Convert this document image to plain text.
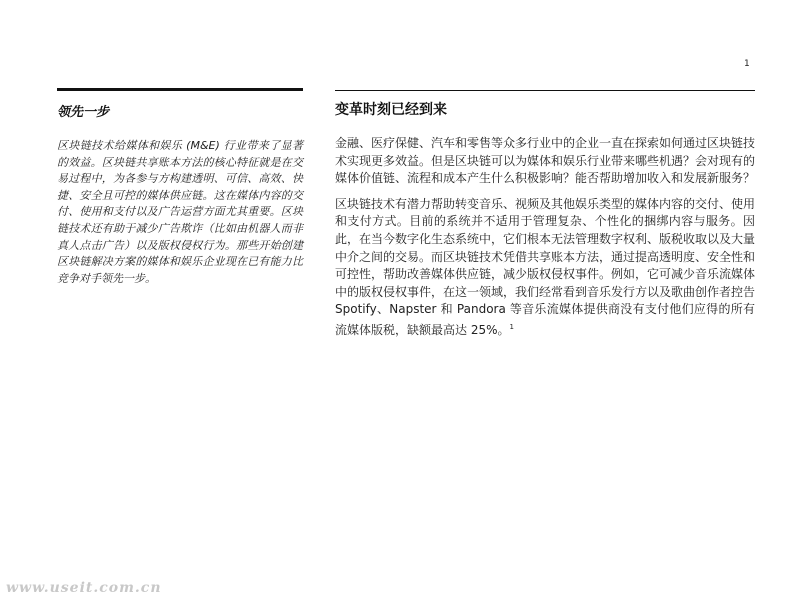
1
领先一步
区块链技术给媒体和娱乐 (M&E) 行业带来了显著的效益。区块链共享账本方法的核心特征就是在交易过程中，为各参与方构建透明、可信、高效、快捷、安全且可控的媒体供应链。这在媒体内容的交付、使用和支付以及广告运营方面尤其重要。区块链技术还有助于减少广告欺诈（比如由机器人而非真人点击广告）以及版权侵权行为。那些开始创建区块链解决方案的媒体和娱乐企业现在已有能力比竞争对手领先一步。
变革时刻已经到来

金融、医疗保健、汽车和零售等众多行业中的企业一直在探索如何通过区块链技术实现更多效益。但是区块链可以为媒体和娱乐行业带来哪些机遇？会对现有的媒体价值链、流程和成本产生什么积极影响？能否帮助增加收入和发展新服务？

区块链技术有潜力帮助转变音乐、视频及其他娱乐类型的媒体内容的交付、使用和支付方式。目前的系统并不适用于管理复杂、个性化的捆绑内容与服务。因此，在当今数字化生态系统中，它们根本无法管理数字权利、版税收取以及大量中介之间的交易。而区块链技术凭借共享账本方法，通过提高透明度、安全性和可控性，帮助改善媒体供应链，减少版权侵权事件。例如，它可减少音乐流媒体中的版权侵权事件，在这一领域，我们经常看到音乐发行方以及歌曲创作者控告 Spotify、Napster 和 Pandora 等音乐流媒体提供商没有支付他们应得的所有流媒体版税，缺额最高达 25%。$^1$

www.useit.com.cn
